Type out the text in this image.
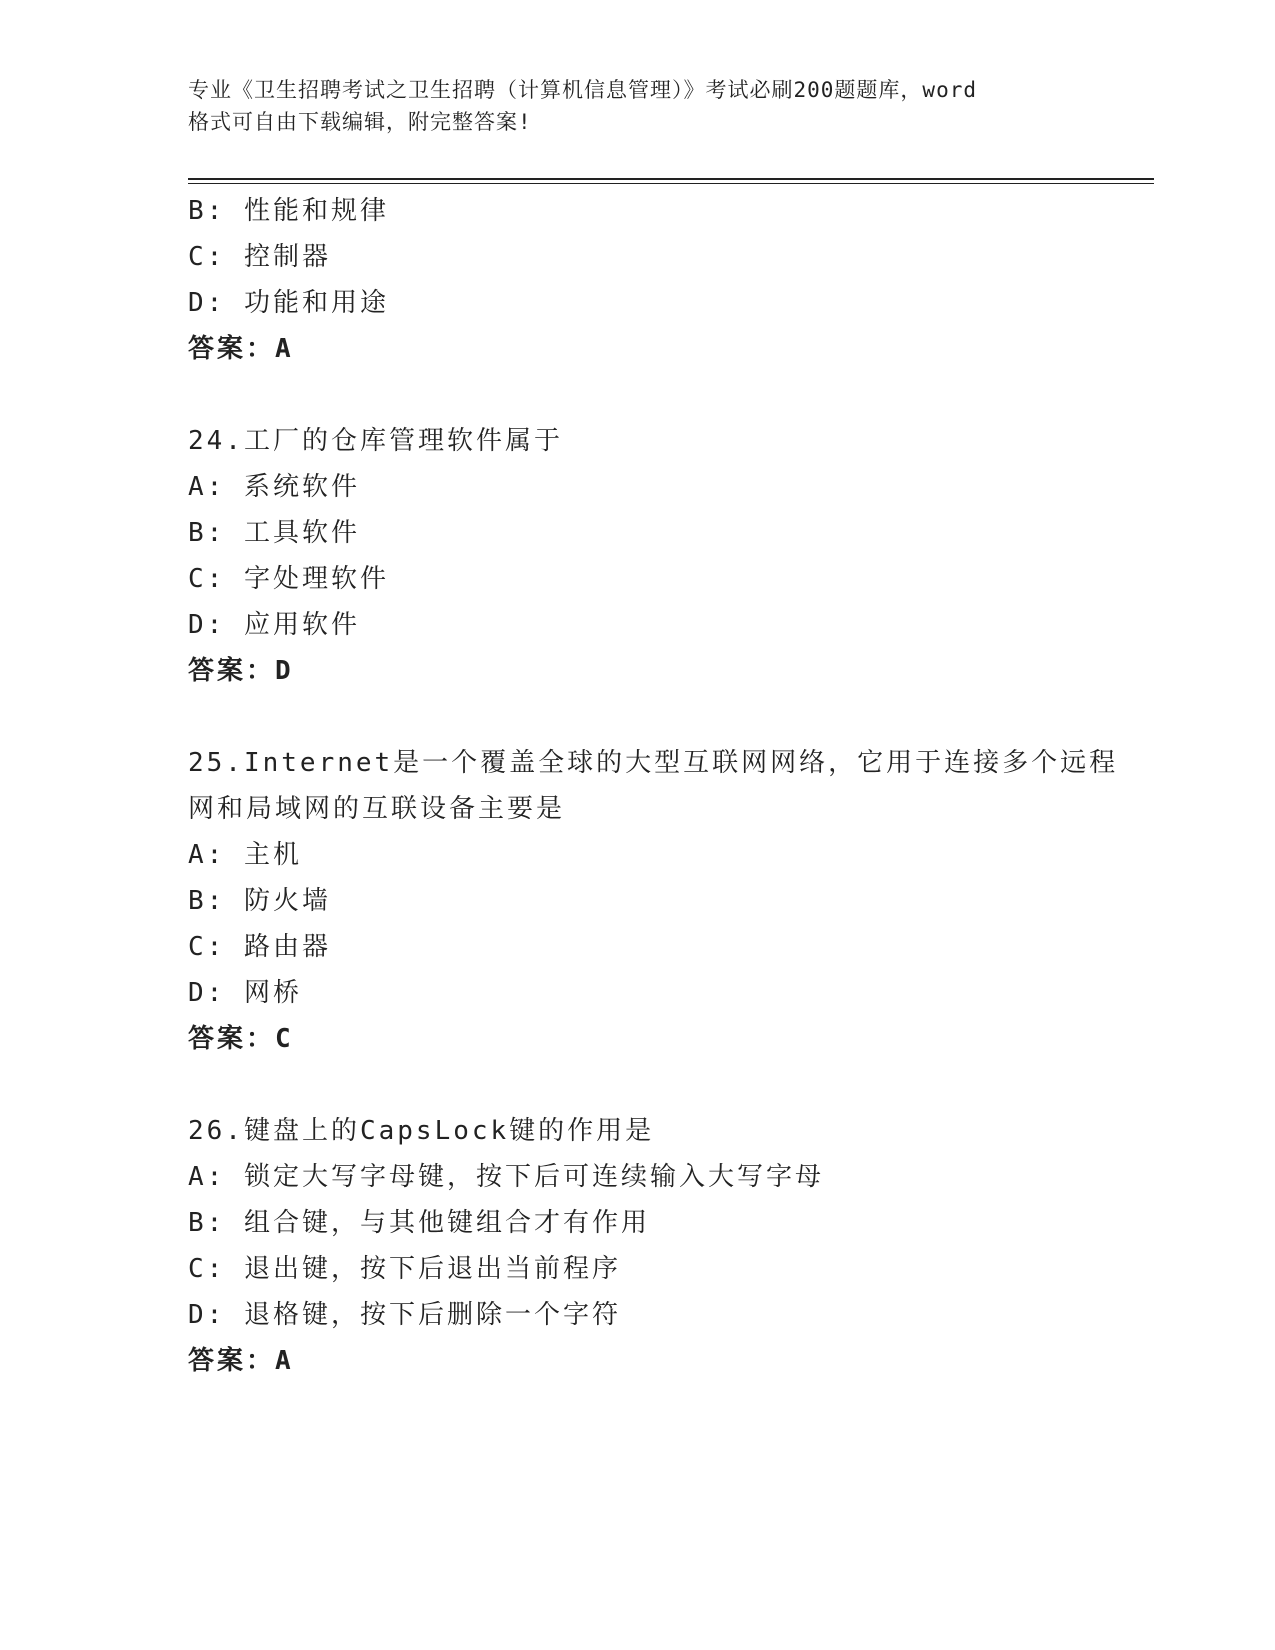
专业《卫生招聘考试之卫生招聘（计算机信息管理）》考试必刷200题题库，word
格式可自由下载编辑，附完整答案!
B: 性能和规律
C: 控制器
D: 功能和用途
答案：A
24.工厂的仓库管理软件属于
A: 系统软件
B: 工具软件
C: 字处理软件
D: 应用软件
答案：D
25.Internet是一个覆盖全球的大型互联网网络，它用于连接多个远程
网和局域网的互联设备主要是
A: 主机
B: 防火墙
C: 路由器
D: 网桥
答案：C
26.键盘上的CapsLock键的作用是
A: 锁定大写字母键，按下后可连续输入大写字母
B: 组合键，与其他键组合才有作用
C: 退出键，按下后退出当前程序
D: 退格键，按下后删除一个字符
答案：A
